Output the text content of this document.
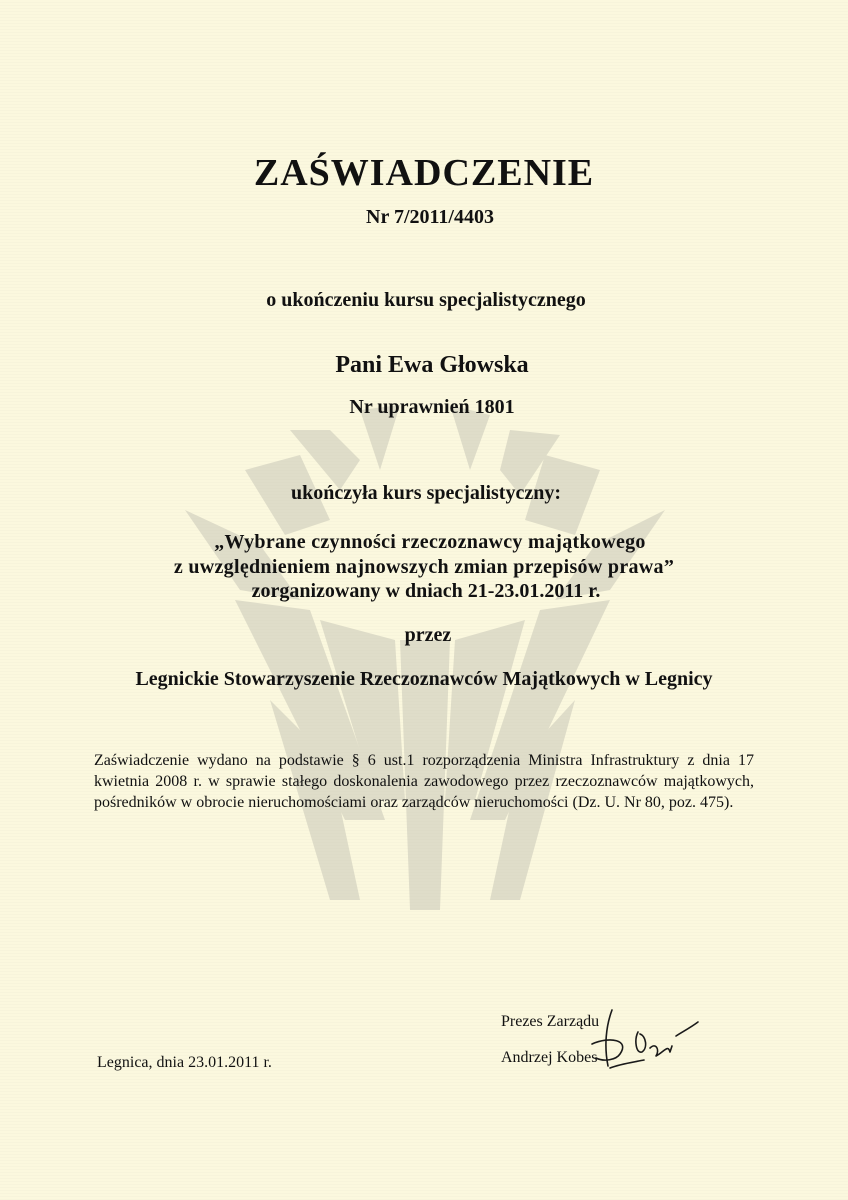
ZAŚWIADCZENIE
Nr 7/2011/4403
o ukończeniu kursu specjalistycznego
Pani Ewa Głowska
Nr uprawnień 1801
ukończyła kurs specjalistyczny:
„Wybrane czynności rzeczoznawcy majątkowego
z uwzględnieniem najnowszych zmian przepisów prawa”
zorganizowany w dniach 21-23.01.2011 r.
przez
Legnickie Stowarzyszenie Rzeczoznawców Majątkowych w Legnicy
Zaświadczenie wydano na podstawie § 6 ust.1 rozporządzenia Ministra Infrastruktury z dnia 17 kwietnia 2008 r. w sprawie stałego doskonalenia zawodowego przez rzeczoznawców majątkowych, pośredników w obrocie nieruchomościami oraz zarządców nieruchomości (Dz. U. Nr 80, poz. 475).
Legnica, dnia 23.01.2011 r.
Prezes Zarządu
Andrzej Kobes
